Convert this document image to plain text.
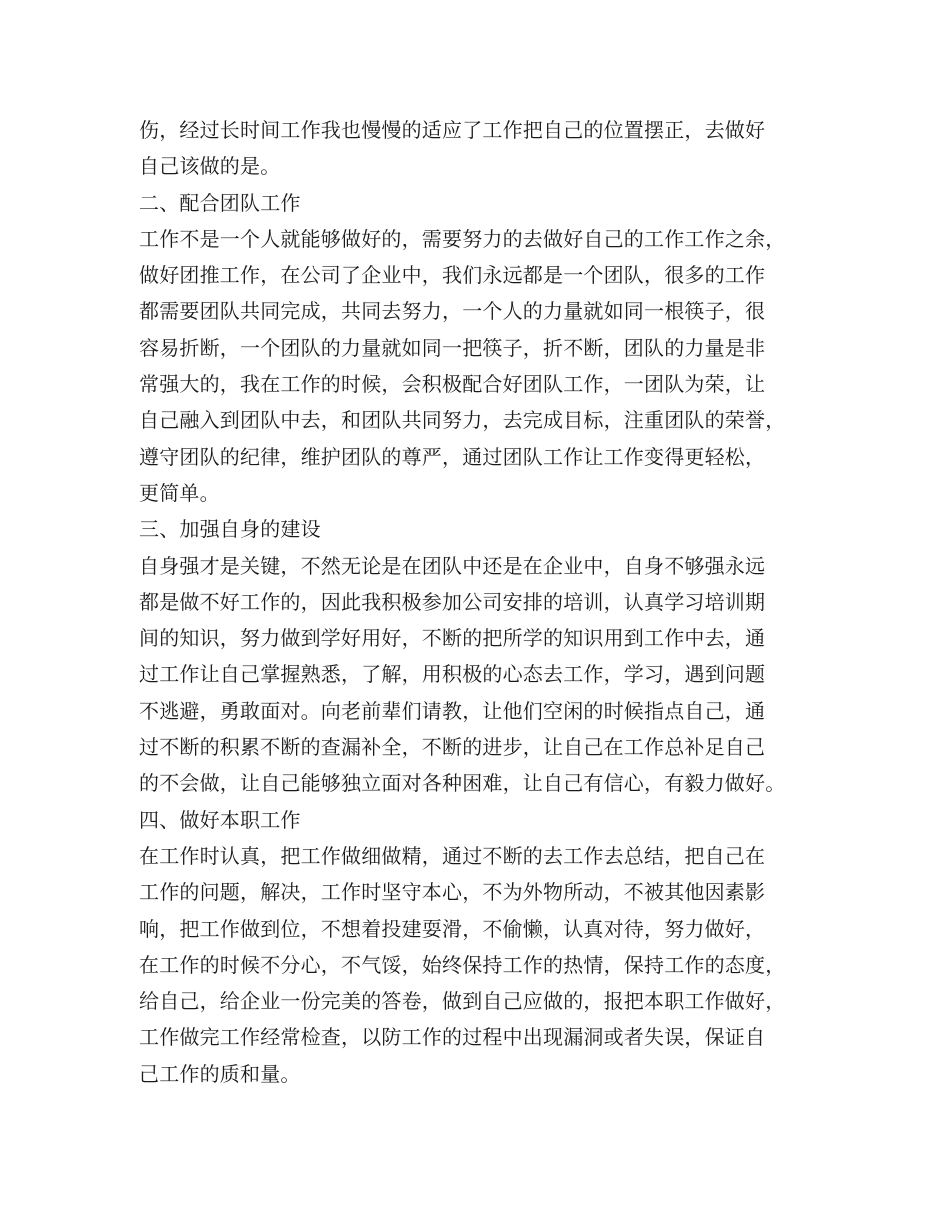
伤，经过长时间工作我也慢慢的适应了工作把自己的位置摆正，去做好
自己该做的是。
二、配合团队工作
工作不是一个人就能够做好的，需要努力的去做好自己的工作工作之余，
做好团推工作，在公司了企业中，我们永远都是一个团队，很多的工作
都需要团队共同完成，共同去努力，一个人的力量就如同一根筷子，很
容易折断，一个团队的力量就如同一把筷子，折不断，团队的力量是非
常强大的，我在工作的时候，会积极配合好团队工作，一团队为荣，让
自己融入到团队中去，和团队共同努力，去完成目标，注重团队的荣誉，
遵守团队的纪律，维护团队的尊严，通过团队工作让工作变得更轻松，
更简单。
三、加强自身的建设
自身强才是关键，不然无论是在团队中还是在企业中，自身不够强永远
都是做不好工作的，因此我积极参加公司安排的培训，认真学习培训期
间的知识，努力做到学好用好，不断的把所学的知识用到工作中去，通
过工作让自己掌握熟悉，了解，用积极的心态去工作，学习，遇到问题
不逃避，勇敢面对。向老前辈们请教，让他们空闲的时候指点自己，通
过不断的积累不断的查漏补全，不断的进步，让自己在工作总补足自己
的不会做，让自己能够独立面对各种困难，让自己有信心，有毅力做好。
四、做好本职工作
在工作时认真，把工作做细做精，通过不断的去工作去总结，把自己在
工作的问题，解决，工作时坚守本心，不为外物所动，不被其他因素影
响，把工作做到位，不想着投建耍滑，不偷懒，认真对待，努力做好，
在工作的时候不分心，不气馁，始终保持工作的热情，保持工作的态度，
给自己，给企业一份完美的答卷，做到自己应做的，报把本职工作做好，
工作做完工作经常检查，以防工作的过程中出现漏洞或者失误，保证自
己工作的质和量。
